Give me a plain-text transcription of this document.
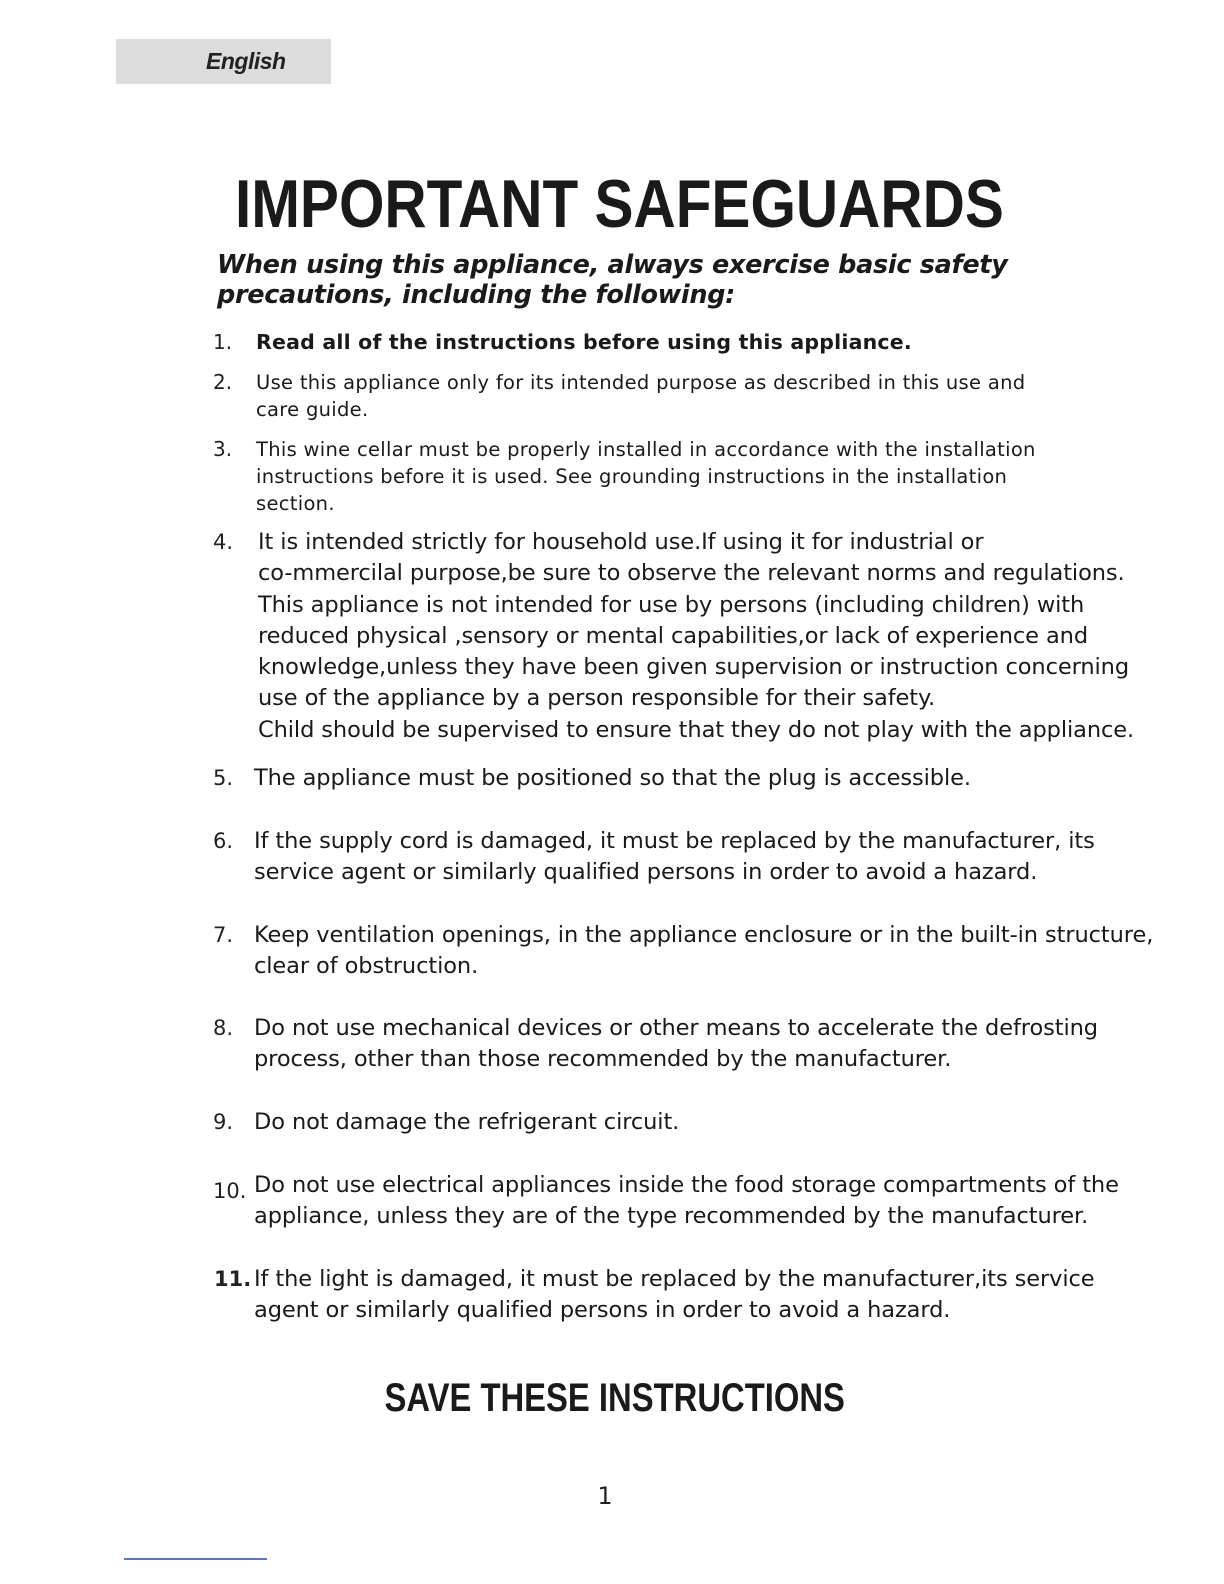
English
IMPORTANT SAFEGUARDS
When using this appliance, always exercise basic safety
precautions, including the following:
1. Read all of the instructions before using this appliance.
2. Use this appliance only for its intended purpose as described in this use and
care guide.
3. This wine cellar must be properly installed in accordance with the installation
instructions before it is used. See grounding instructions in the installation
section.
4. It is intended strictly for household use.If using it for industrial or
co-mmercilal purpose,be sure to observe the relevant norms and regulations.
This appliance is not intended for use by persons (including children) with
reduced physical ,sensory or mental capabilities,or lack of experience and
knowledge,unless they have been given supervision or instruction concerning
use of the appliance by a person responsible for their safety.
Child should be supervised to ensure that they do not play with the appliance.
5. The appliance must be positioned so that the plug is accessible.
6. If the supply cord is damaged, it must be replaced by the manufacturer, its
service agent or similarly qualified persons in order to avoid a hazard.
7. Keep ventilation openings, in the appliance enclosure or in the built-in structure,
clear of obstruction.
8. Do not use mechanical devices or other means to accelerate the defrosting
process, other than those recommended by the manufacturer.
9. Do not damage the refrigerant circuit.
10. Do not use electrical appliances inside the food storage compartments of the
appliance, unless they are of the type recommended by the manufacturer.
11. If the light is damaged, it must be replaced by the manufacturer,its service
agent or similarly qualified persons in order to avoid a hazard.
SAVE THESE INSTRUCTIONS
1
